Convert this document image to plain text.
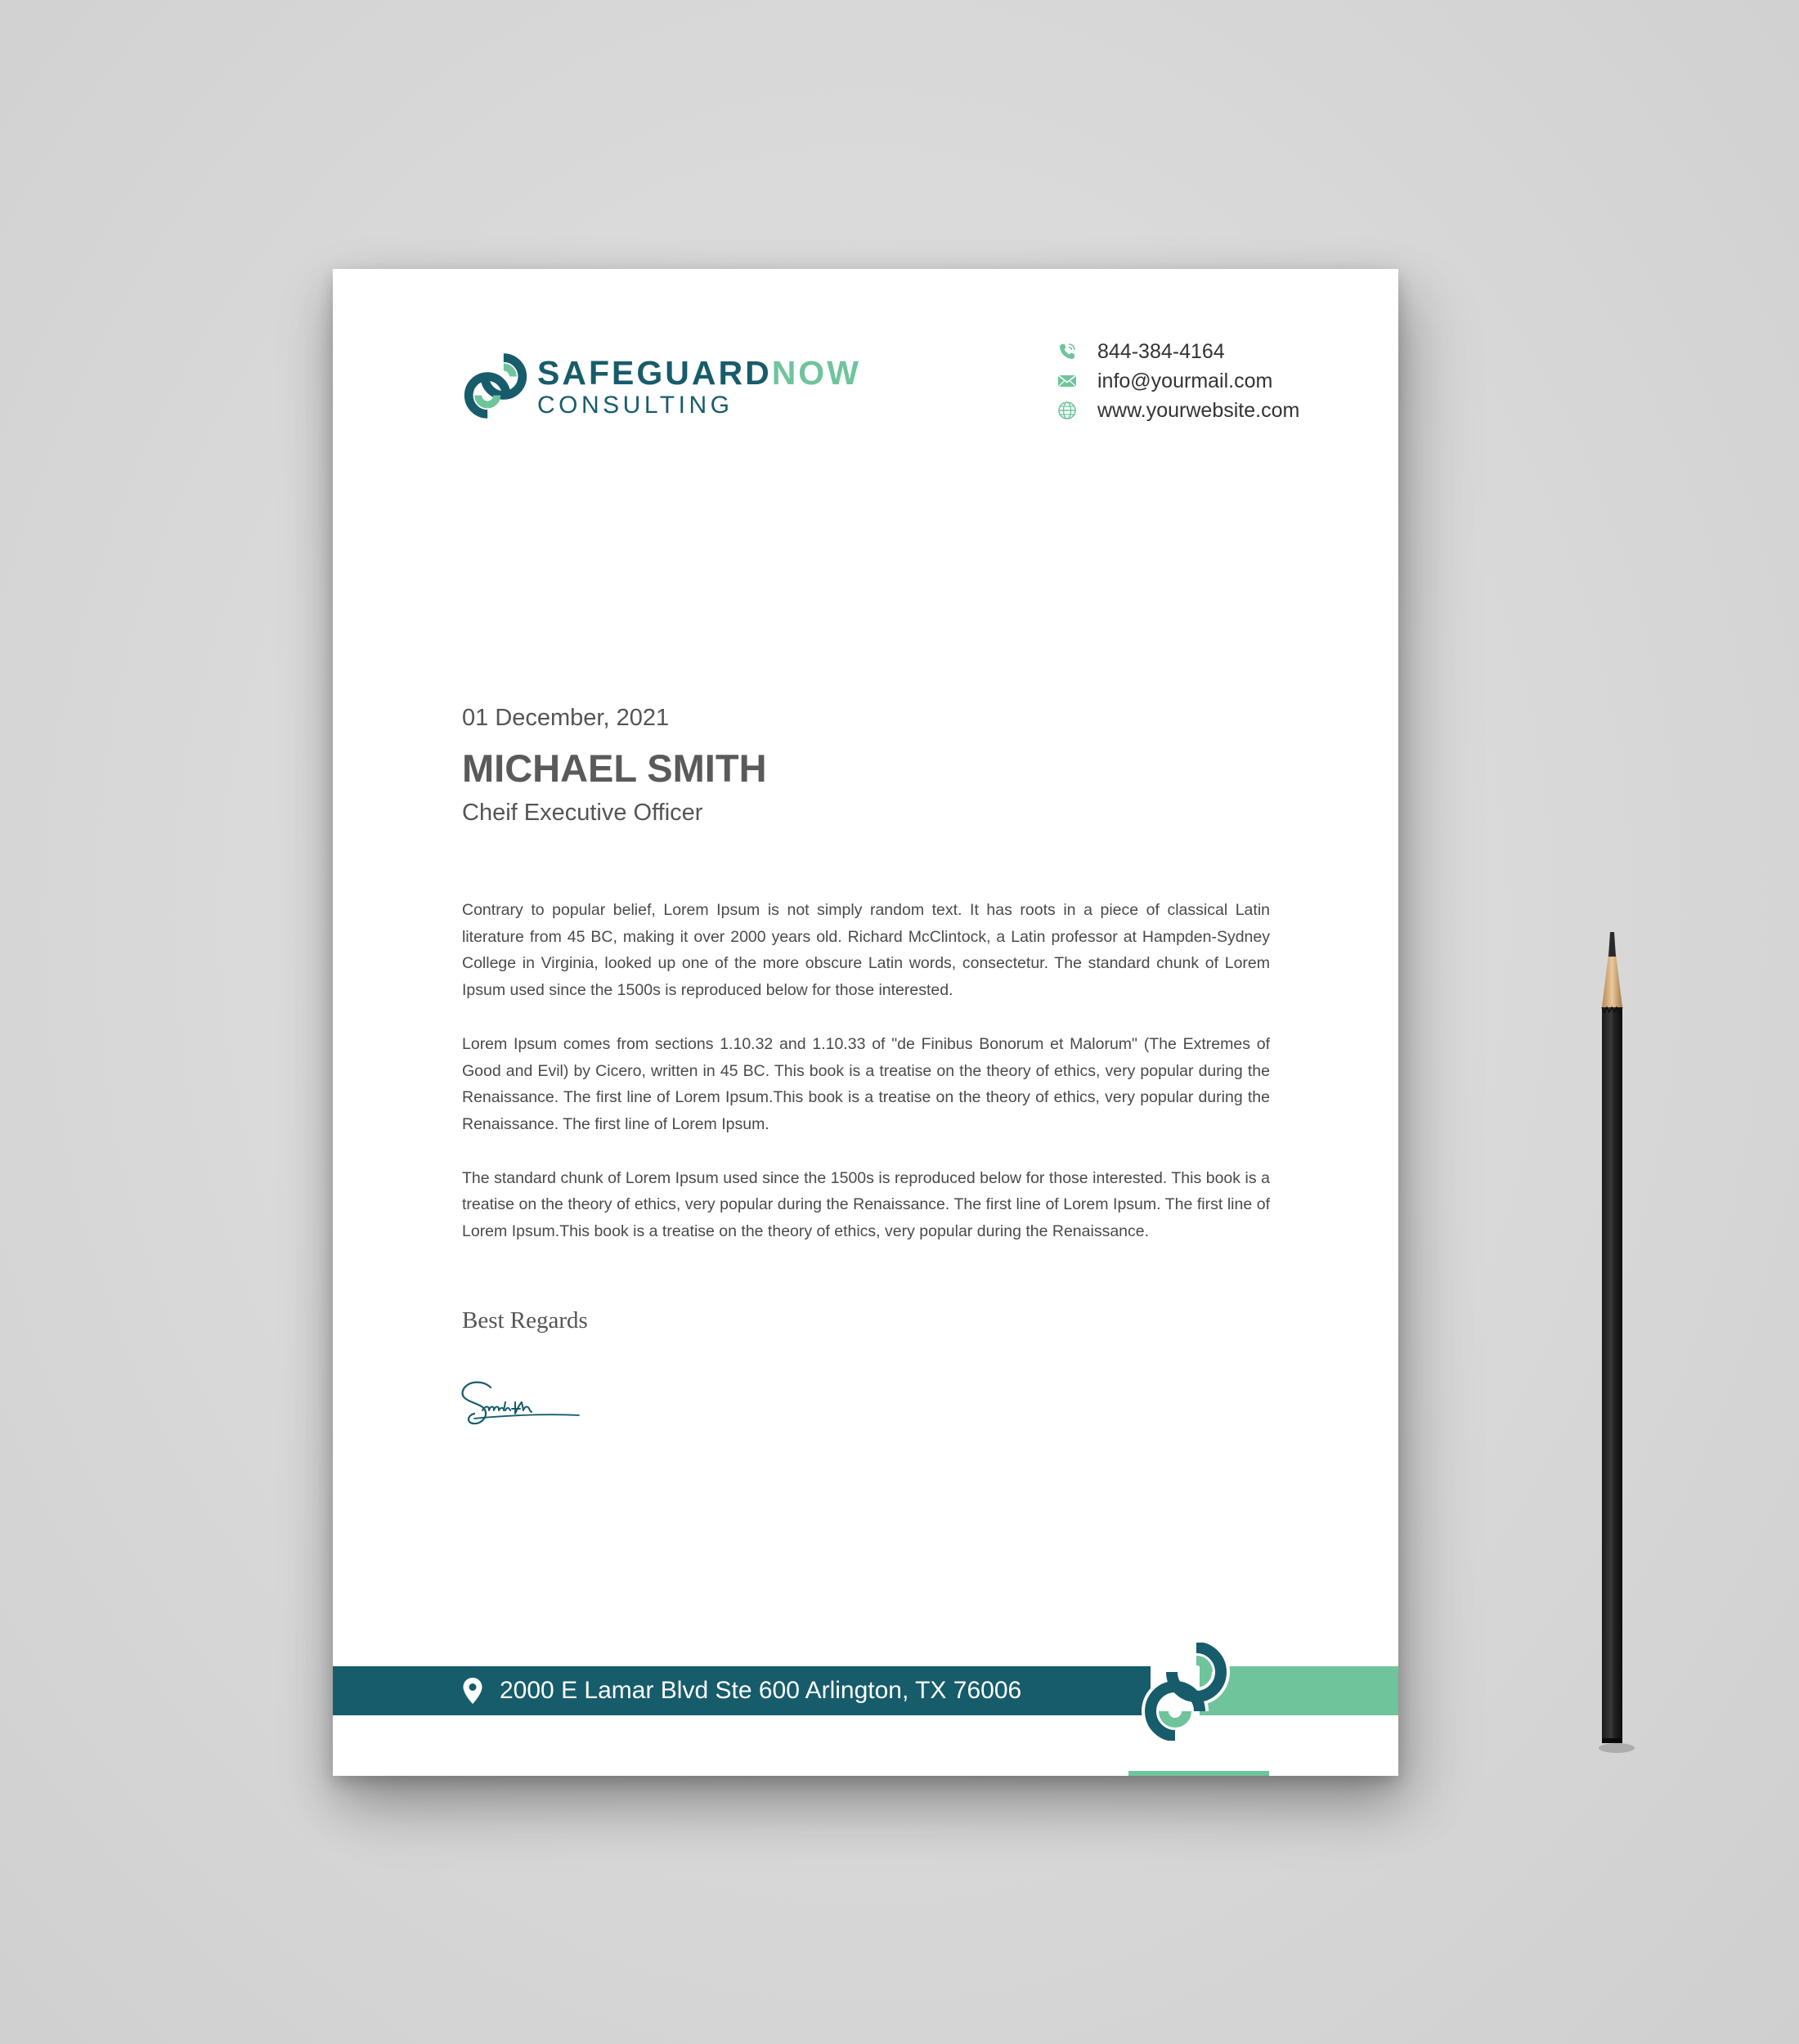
SAFEGUARDNOW
CONSULTING
844-384-4164
info@yourmail.com
www.yourwebsite.com
01 December, 2021
MICHAEL SMITH
Cheif Executive Officer

Contrary to popular belief, Lorem Ipsum is not simply random text. It has roots in a piece of classical Latin literature from 45 BC, making it over 2000 years old. Richard McClintock, a Latin professor at Hampden-Sydney College in Virginia, looked up one of the more obscure Latin words, consectetur. The standard chunk of Lorem Ipsum used since the 1500s is reproduced below for those interested.

Lorem Ipsum comes from sections 1.10.32 and 1.10.33 of "de Finibus Bonorum et Malorum" (The Extremes of Good and Evil) by Cicero, written in 45 BC. This book is a treatise on the theory of ethics, very popular during the Renaissance. The first line of Lorem Ipsum.This book is a treatise on the theory of ethics, very popular during the Renaissance. The first line of Lorem Ipsum.

The standard chunk of Lorem Ipsum used since the 1500s is reproduced below for those interested. This book is a treatise on the theory of ethics, very popular during the Renaissance. The first line of Lorem Ipsum. The first line of Lorem Ipsum.This book is a treatise on the theory of ethics, very popular during the Renaissance.

Best Regards
2000 E Lamar Blvd Ste 600 Arlington, TX 76006
